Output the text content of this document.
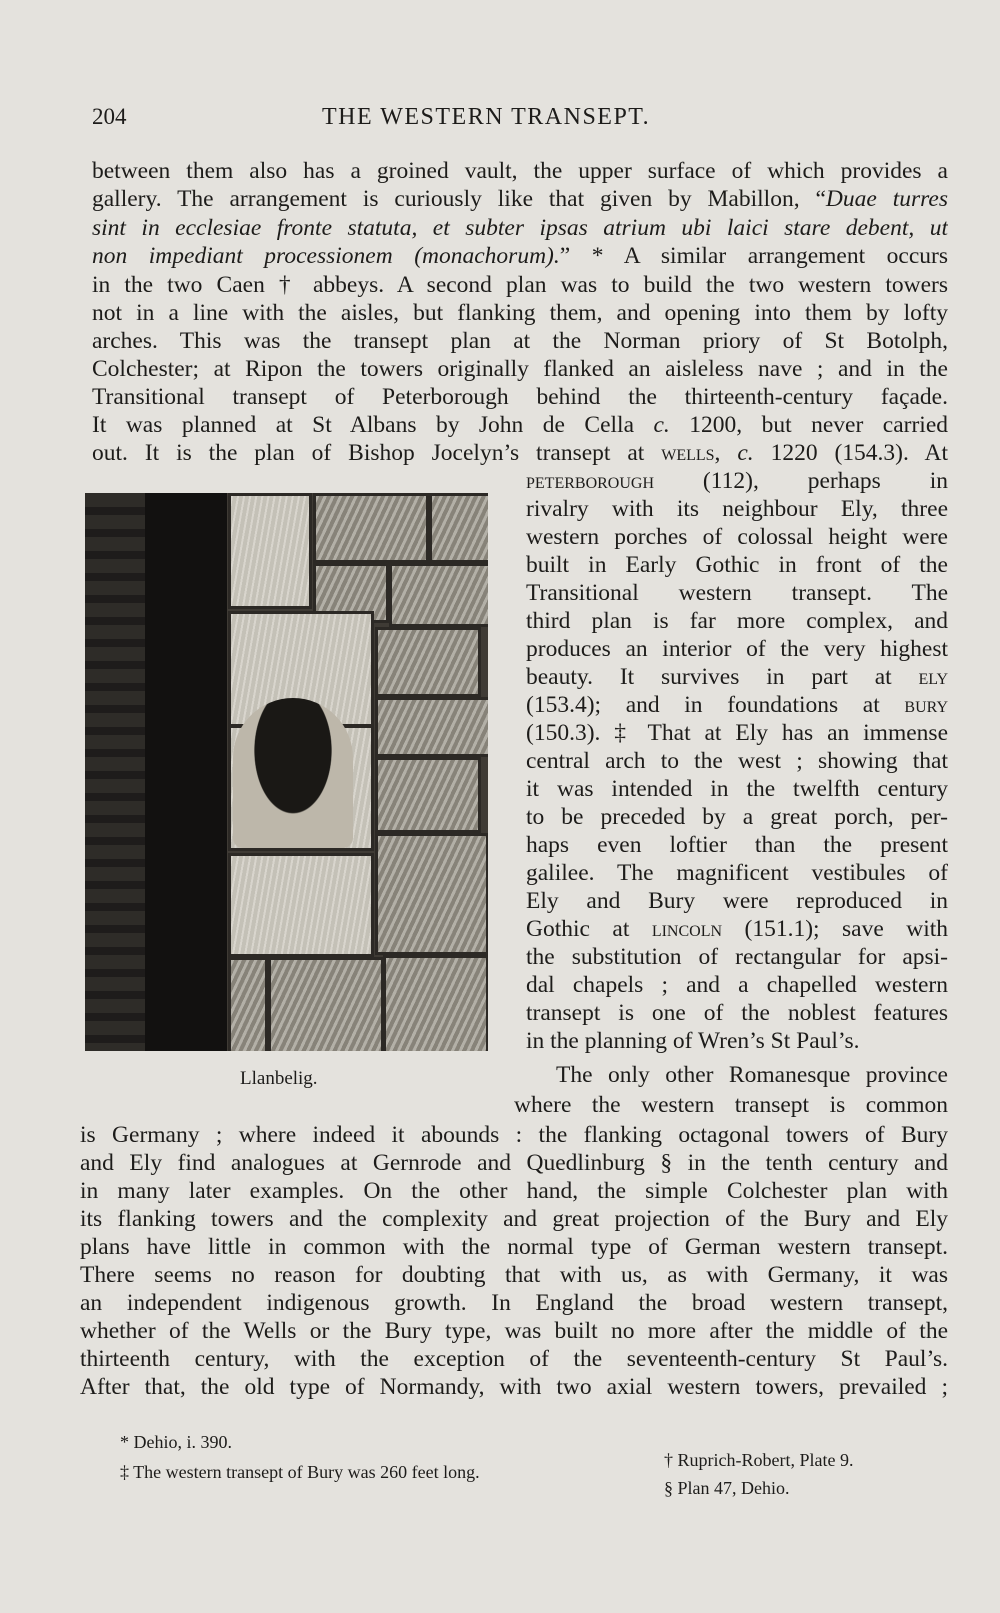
204	THE WESTERN TRANSEPT.
between them also has a groined vault, the upper surface of which provides a
gallery. The arrangement is curiously like that given by Mabillon, “Duae turres
sint in ecclesiae fronte statuta, et subter ipsas atrium ubi laici stare debent, ut
non impediant processionem (monachorum).” * A similar arrangement occurs
in the two Caen † abbeys. A second plan was to build the two western towers
not in a line with the aisles, but flanking them, and opening into them by lofty
arches. This was the transept plan at the Norman priory of St Botolph,
Colchester; at Ripon the towers originally flanked an aisleless nave ; and in the
Transitional transept of Peterborough behind the thirteenth-century façade.
It was planned at St Albans by John de Cella c. 1200, but never carried
out. It is the plan of Bishop Jocelyn’s transept at wells, c. 1220 (154.3). At
Llanbelig.
peterborough (112), perhaps in
rivalry with its neighbour Ely, three
western porches of colossal height were
built in Early Gothic in front of the
Transitional western transept. The
third plan is far more complex, and
produces an interior of the very highest
beauty. It survives in part at ely
(153.4); and in foundations at bury
(150.3). ‡ That at Ely has an immense
central arch to the west ; showing that
it was intended in the twelfth century
to be preceded by a great porch, per-
haps even loftier than the present
galilee. The magnificent vestibules of
Ely and Bury were reproduced in
Gothic at lincoln (151.1); save with
the substitution of rectangular for apsi-
dal chapels ; and a chapelled western
transept is one of the noblest features
in the planning of Wren’s St Paul’s.
The only other Romanesque province
where the western transept is common
is Germany ; where indeed it abounds : the flanking octagonal towers of Bury
and Ely find analogues at Gernrode and Quedlinburg § in the tenth century and
in many later examples. On the other hand, the simple Colchester plan with
its flanking towers and the complexity and great projection of the Bury and Ely
plans have little in common with the normal type of German western transept.
There seems no reason for doubting that with us, as with Germany, it was
an independent indigenous growth. In England the broad western transept,
whether of the Wells or the Bury type, was built no more after the middle of the
thirteenth century, with the exception of the seventeenth-century St Paul’s.
After that, the old type of Normandy, with two axial western towers, prevailed ;
* Dehio, i. 390.
‡ The western transept of Bury was 260 feet long.
† Ruprich-Robert, Plate 9.
§ Plan 47, Dehio.
